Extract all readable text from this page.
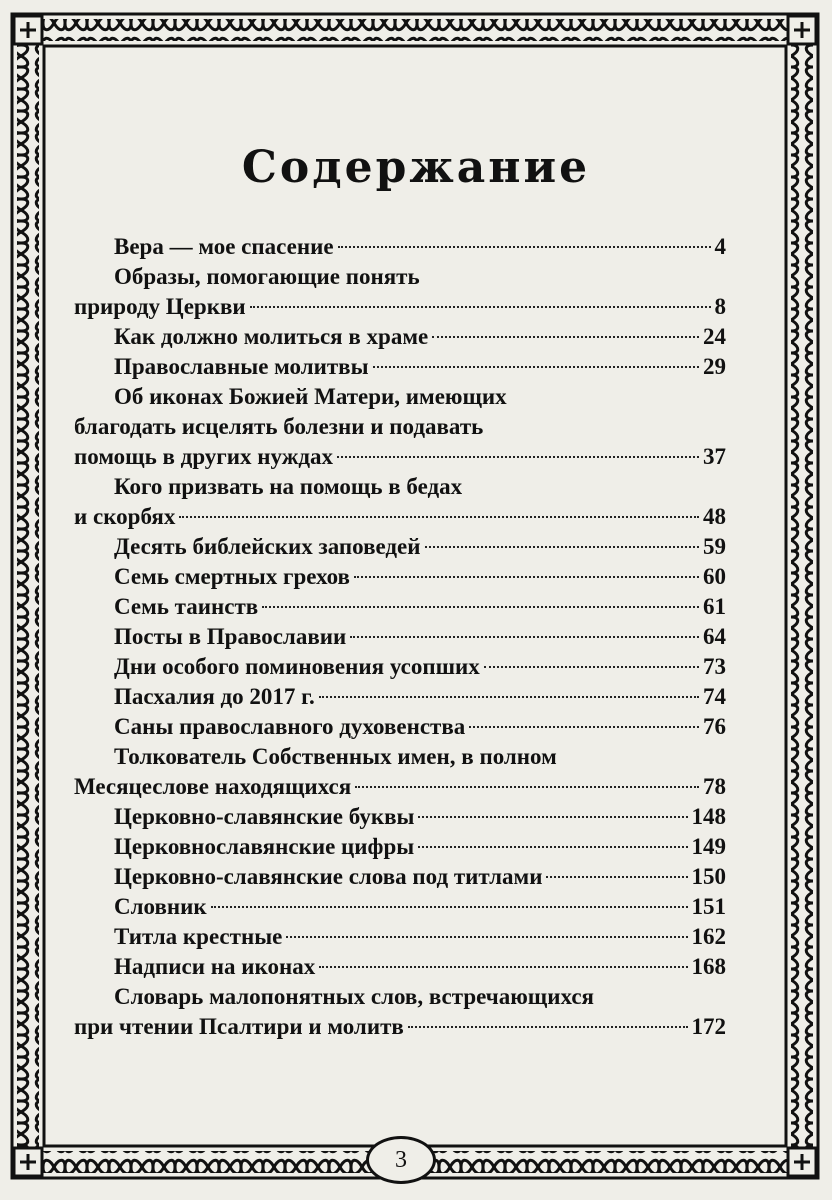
Содержание
Вера — мое спасение	4
Образы, помогающие понять
природу Церкви	8
Как должно молиться в храме	24
Православные молитвы	29
Об иконах Божией Матери, имеющих
благодать исцелять болезни и подавать
помощь в других нуждах	37
Кого призвать на помощь в бедах
и скорбях	48
Десять библейских заповедей	59
Семь смертных грехов	60
Семь таинств	61
Посты в Православии	64
Дни особого поминовения усопших	73
Пасхалия до 2017 г.	74
Саны православного духовенства	76
Толкователь Собственных имен, в полном
Месяцеслове находящихся	78
Церковно-славянские буквы	148
Церковнославянские цифры	149
Церковно-славянские слова под титлами	150
Словник	151
Титла крестные	162
Надписи на иконах	168
Словарь малопонятных слов, встречающихся
при чтении Псалтири и молитв	172
3
